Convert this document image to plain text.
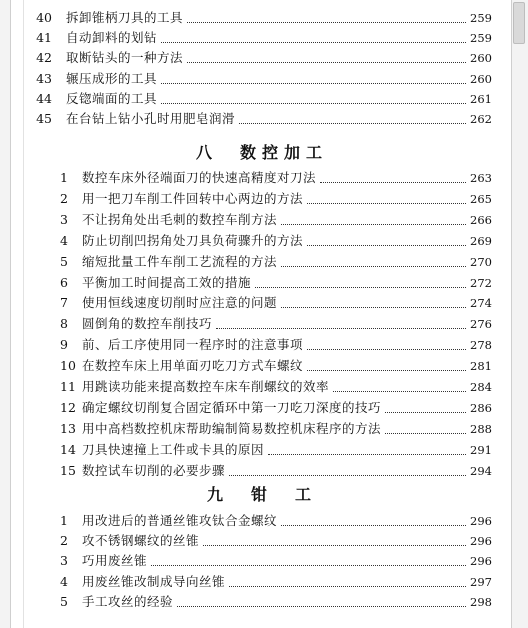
八　数控加工
九　钳　工
40 拆卸锥柄刀具的工具	259
41 自动卸料的划钻	259
42 取断钻头的一种方法	260
43 辗压成形的工具	260
44 反锪端面的工具	261
45 在台钻上钻小孔时用肥皂润滑	262
1 数控车床外径端面刀的快速高精度对刀法	263
2 用一把刀车削工件回转中心两边的方法	265
3 不让拐角处出毛刺的数控车削方法	266
4 防止切削凹拐角处刀具负荷骤升的方法	269
5 缩短批量工件车削工艺流程的方法	270
6 平衡加工时间提高工效的措施	272
7 使用恒线速度切削时应注意的问题	274
8 圆倒角的数控车削技巧	276
9 前、后工序使用同一程序时的注意事项	278
10 在数控车床上用单面刃吃刀方式车螺纹	281
11 用跳读功能来提高数控车床车削螺纹的效率	284
12 确定螺纹切削复合固定循环中第一刀吃刀深度的技巧	286
13 用中高档数控机床帮助编制简易数控机床程序的方法	288
14 刀具快速撞上工件或卡具的原因	291
15 数控试车切削的必要步骤	294
1 用改进后的普通丝锥攻钛合金螺纹	296
2 攻不锈钢螺纹的丝锥	296
3 巧用废丝锥	296
4 用废丝锥改制成导向丝锥	297
5 手工攻丝的经验	298
